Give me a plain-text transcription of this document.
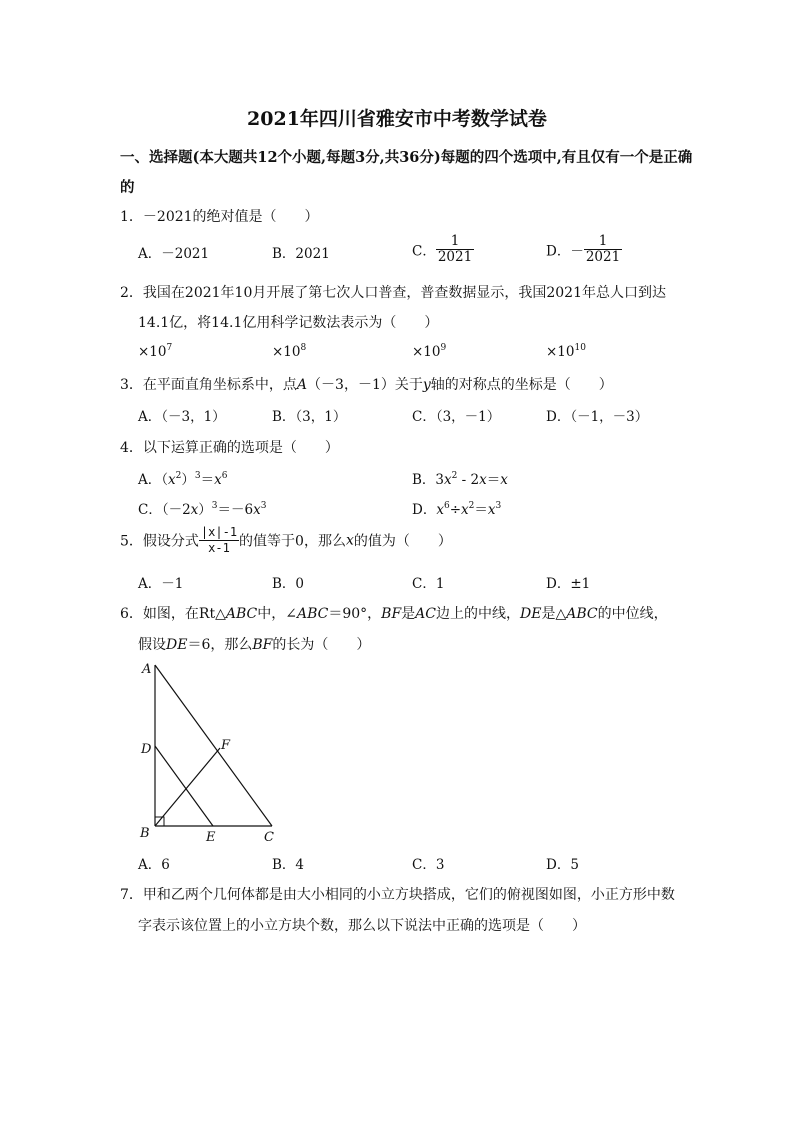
2021年四川省雅安市中考数学试卷
一、选择题(本大题共12个小题,每题3分,共36分)每题的四个选项中,有且仅有一个是正确
的
1．－2021的绝对值是（　　）
A．－2021	B．2021	C． $\frac{1}{2021}$	D．－ $\frac{1}{2021}$
2．我国在2021年10月开展了第七次人口普查，普查数据显示，我国2021年总人口到达
14.1亿，将14.1亿用科学记数法表示为（　　）
$\times 10^7$	$\times 10^8$	$\times 10^9$	$\times 10^{10}$
3．在平面直角坐标系中，点A（－3，－1）关于y轴的对称点的坐标是（　　）
A．（－3，1）	B．（3，1）	C．（3，－1）	D．（－1，－3）
4．以下运算正确的选项是（　　）
A．$(x^2)^3=x^6$	B．$3x^2 - 2x=x$
C．$(-2x)^3=-6x^3$	D．$x^6\div x^2=x^3$
5．假设分式 $\frac{|x|-1}{x-1}$ 的值等于0，那么x的值为（　　）
A．－1	B．0	C．1	D．±1
6．如图，在Rt△ABC中，∠ABC＝90°，BF是AC边上的中线，DE是△ABC的中位线，
假设DE＝6，那么BF的长为（　　）
A
D	F
B	E	C
A．6	B．4	C．3	D．5
7．甲和乙两个几何体都是由大小相同的小立方块搭成，它们的俯视图如图，小正方形中数
字表示该位置上的小立方块个数，那么以下说法中正确的选项是（　　）
